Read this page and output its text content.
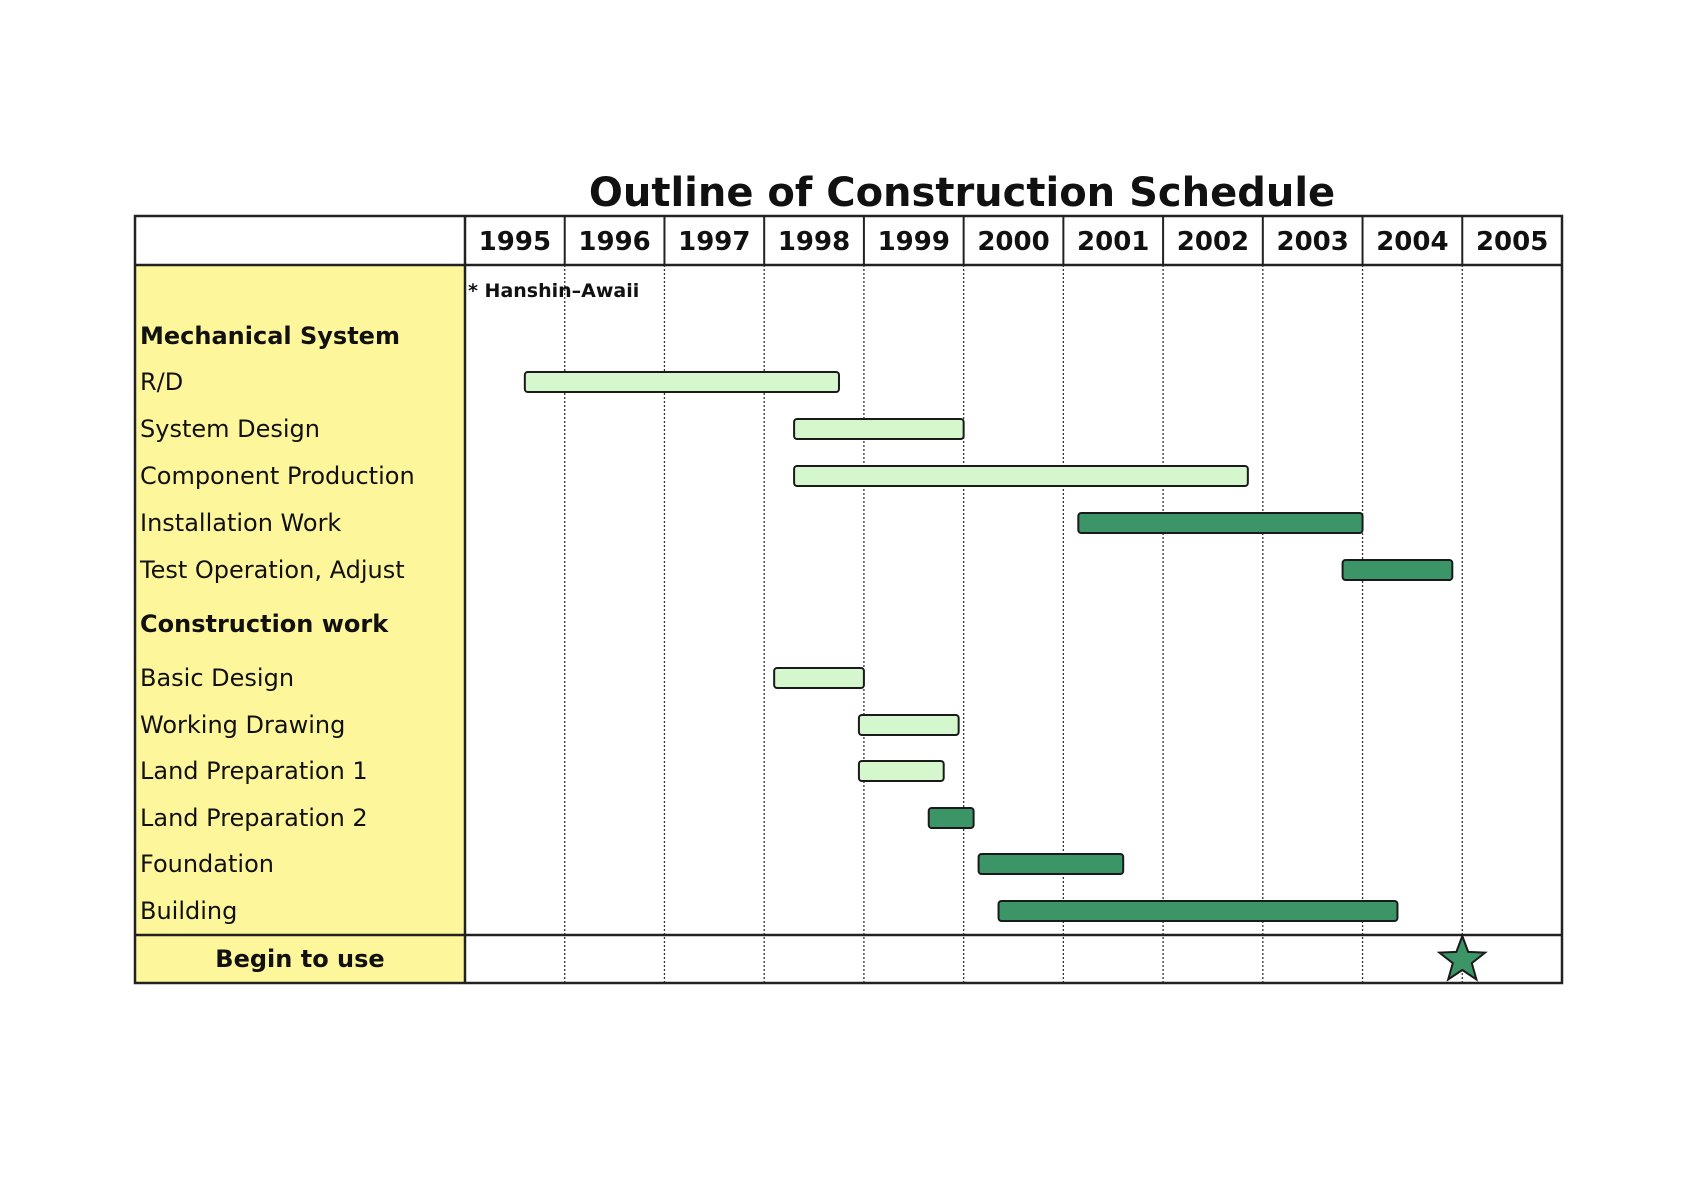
Outline of Construction Schedule
1995 1996 1997 1998 1999 2000 2001 2002 2003 2004 2005
* Hanshin–Awaii
Mechanical System
R/D
System Design
Component Production
Installation Work
Test Operation, Adjust
Construction work
Basic Design
Working Drawing
Land Preparation 1
Land Preparation 2
Foundation
Building
Begin to use
